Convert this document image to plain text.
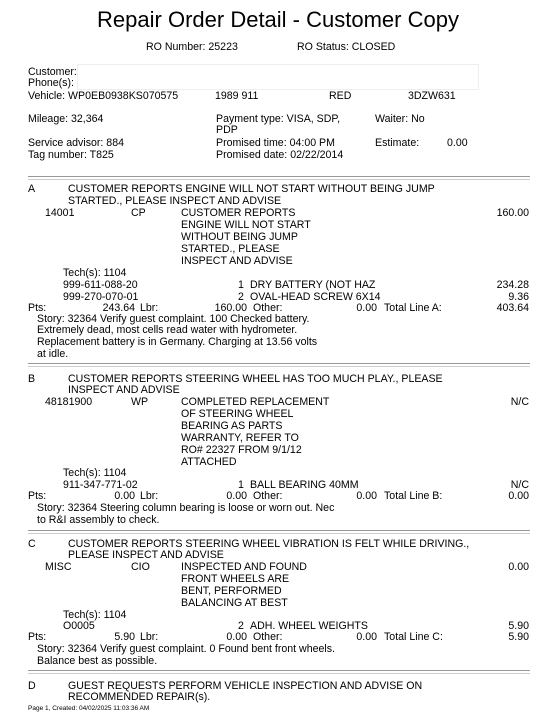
Repair Order Detail - Customer Copy
RO Number: 25223	RO Status: CLOSED
Customer:
Phone(s):
Vehicle: WP0EB0938KS070575	1989 911	RED	3DZW631
Mileage: 32,364	Payment type: VISA, SDP,
PDP
Waiter: No
Service advisor: 884	Promised time: 04:00 PM	Estimate:	0.00
Tag number: T825	Promised date: 02/22/2014
A	CUSTOMER REPORTS ENGINE WILL NOT START WITHOUT BEING JUMP
STARTED., PLEASE INSPECT AND ADVISE
14001	CP	CUSTOMER REPORTS
ENGINE WILL NOT START
WITHOUT BEING JUMP
STARTED., PLEASE
INSPECT AND ADVISE
160.00
Tech(s): 1104
999-611-088-20	1 DRY BATTERY (NOT HAZ	234.28
999-270-070-01	2 OVAL-HEAD SCREW 6X14	9.36
Pts:	243.64 Lbr:	160.00 Other:	0.00 Total Line A:	403.64
Story: 32364 Verify guest complaint. 100 Checked battery.
Extremely dead, most cells read water with hydrometer.
Replacement battery is in Germany. Charging at 13.56 volts
at idle.
B	CUSTOMER REPORTS STEERING WHEEL HAS TOO MUCH PLAY., PLEASE
INSPECT AND ADVISE
48181900	WP	COMPLETED REPLACEMENT
OF STEERING WHEEL
BEARING AS PARTS
WARRANTY, REFER TO
RO# 22327 FROM 9/1/12
ATTACHED
N/C
Tech(s): 1104
911-347-771-02	1 BALL BEARING 40MM	N/C
Pts:	0.00 Lbr:	0.00 Other:	0.00 Total Line B:	0.00
Story: 32364 Steering column bearing is loose or worn out. Nec
to R&I assembly to check.
C	CUSTOMER REPORTS STEERING WHEEL VIBRATION IS FELT WHILE DRIVING.,
PLEASE INSPECT AND ADVISE
MISC	CIO	INSPECTED AND FOUND
FRONT WHEELS ARE
BENT, PERFORMED
BALANCING AT BEST
0.00
Tech(s): 1104
O0005	2 ADH. WHEEL WEIGHTS	5.90
Pts:	5.90 Lbr:	0.00 Other:	0.00 Total Line C:	5.90
Story: 32364 Verify guest complaint. 0 Found bent front wheels.
Balance best as possible.
D	GUEST REQUESTS PERFORM VEHICLE INSPECTION AND ADVISE ON
RECOMMENDED REPAIR(s).
Page 1, Created: 04/02/2025 11:03:36 AM
